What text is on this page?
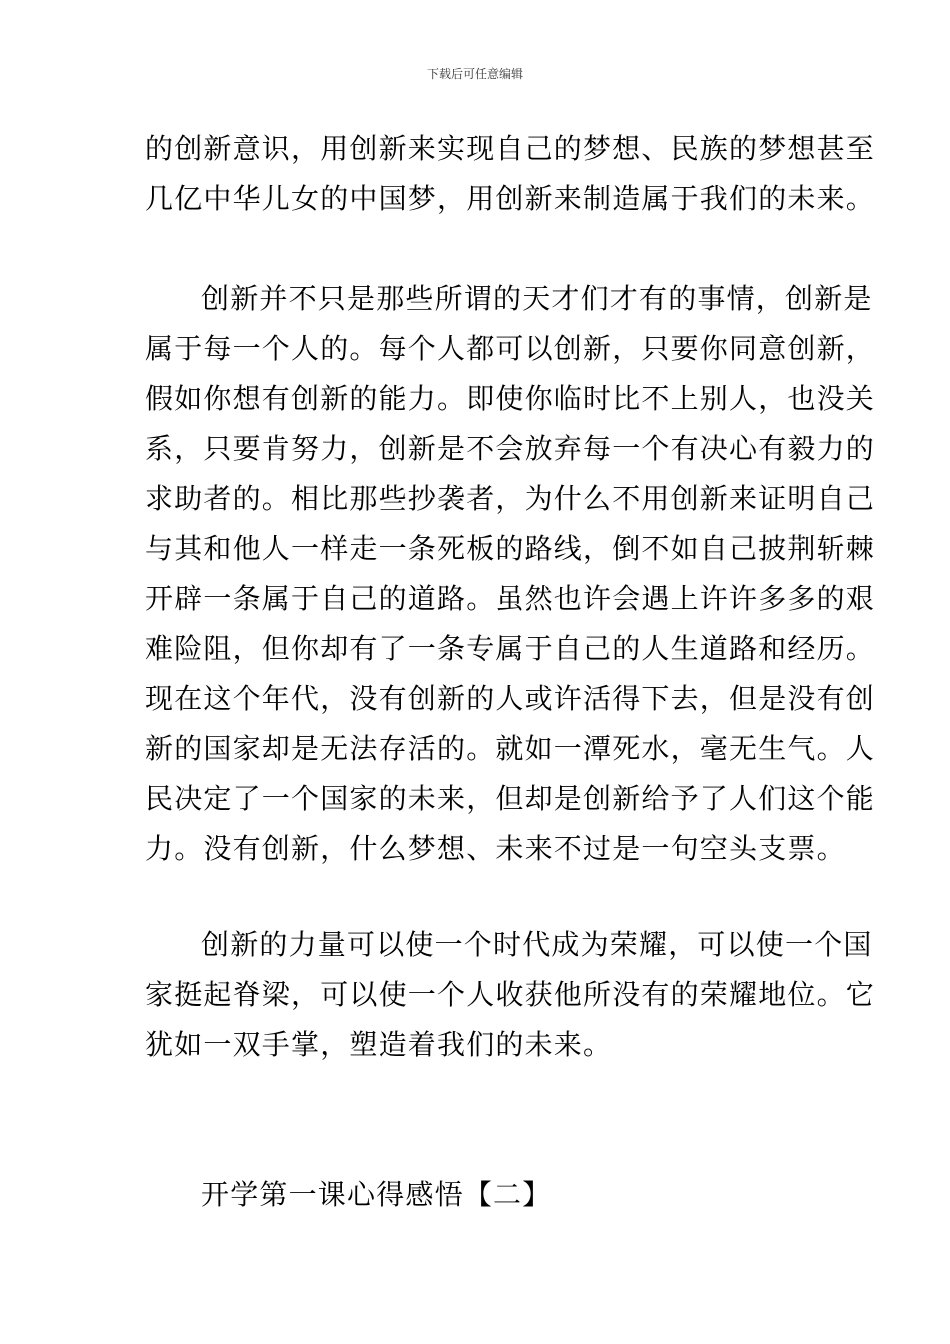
下载后可任意编辑
的创新意识，用创新来实现自己的梦想、民族的梦想甚至
几亿中华儿女的中国梦，用创新来制造属于我们的未来。
创新并不只是那些所谓的天才们才有的事情，创新是
属于每一个人的。每个人都可以创新，只要你同意创新，
假如你想有创新的能力。即使你临时比不上别人，也没关
系，只要肯努力，创新是不会放弃每一个有决心有毅力的
求助者的。相比那些抄袭者，为什么不用创新来证明自己
与其和他人一样走一条死板的路线，倒不如自己披荆斩棘
开辟一条属于自己的道路。虽然也许会遇上许许多多的艰
难险阻，但你却有了一条专属于自己的人生道路和经历。
现在这个年代，没有创新的人或许活得下去，但是没有创
新的国家却是无法存活的。就如一潭死水，毫无生气。人
民决定了一个国家的未来，但却是创新给予了人们这个能
力。没有创新，什么梦想、未来不过是一句空头支票。
创新的力量可以使一个时代成为荣耀，可以使一个国
家挺起脊梁，可以使一个人收获他所没有的荣耀地位。它
犹如一双手掌，塑造着我们的未来。
开学第一课心得感悟【二】
